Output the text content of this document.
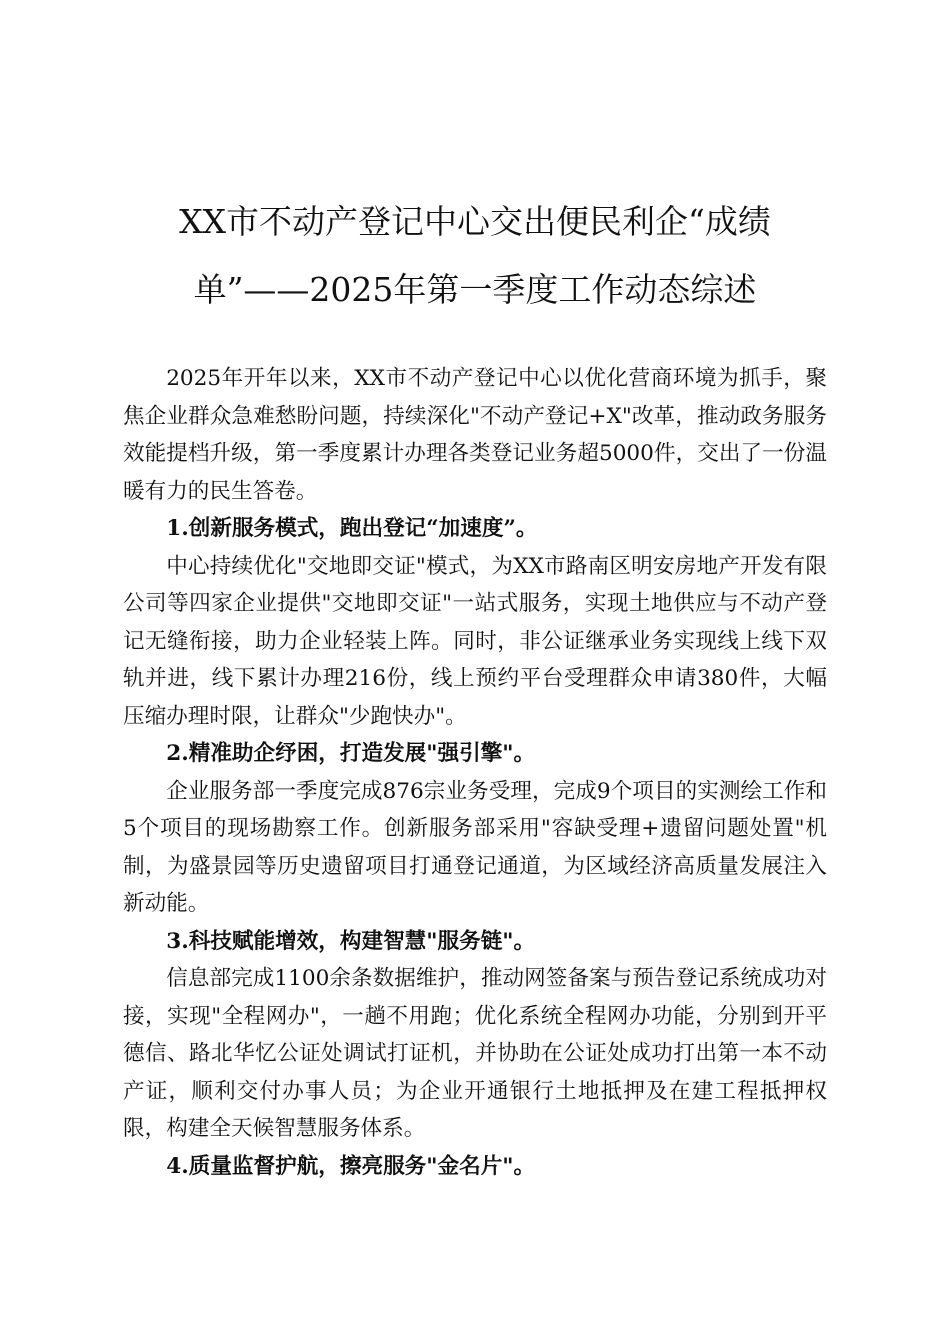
XX市不动产登记中心交出便民利企“成绩
单”——2025年第一季度工作动态综述

2025年开年以来，XX市不动产登记中心以优化营商环境为抓手，聚焦企业群众急难愁盼问题，持续深化"不动产登记+X"改革，推动政务服务效能提档升级，第一季度累计办理各类登记业务超5000件，交出了一份温暖有力的民生答卷。

1.创新服务模式，跑出登记“加速度”。

中心持续优化"交地即交证"模式，为XX市路南区明安房地产开发有限公司等四家企业提供"交地即交证"一站式服务，实现土地供应与不动产登记无缝衔接，助力企业轻装上阵。同时，非公证继承业务实现线上线下双轨并进，线下累计办理216份，线上预约平台受理群众申请380件，大幅压缩办理时限，让群众"少跑快办"。

2.精准助企纾困，打造发展"强引擎"。

企业服务部一季度完成876宗业务受理，完成9个项目的实测绘工作和5个项目的现场勘察工作。创新服务部采用"容缺受理+遗留问题处置"机制，为盛景园等历史遗留项目打通登记通道，为区域经济高质量发展注入新动能。

3.科技赋能增效，构建智慧"服务链"。

信息部完成1100余条数据维护，推动网签备案与预告登记系统成功对接，实现"全程网办"，一趟不用跑；优化系统全程网办功能，分别到开平德信、路北华忆公证处调试打证机，并协助在公证处成功打出第一本不动产证，顺利交付办事人员；为企业开通银行土地抵押及在建工程抵押权限，构建全天候智慧服务体系。

4.质量监督护航，擦亮服务"金名片"。
